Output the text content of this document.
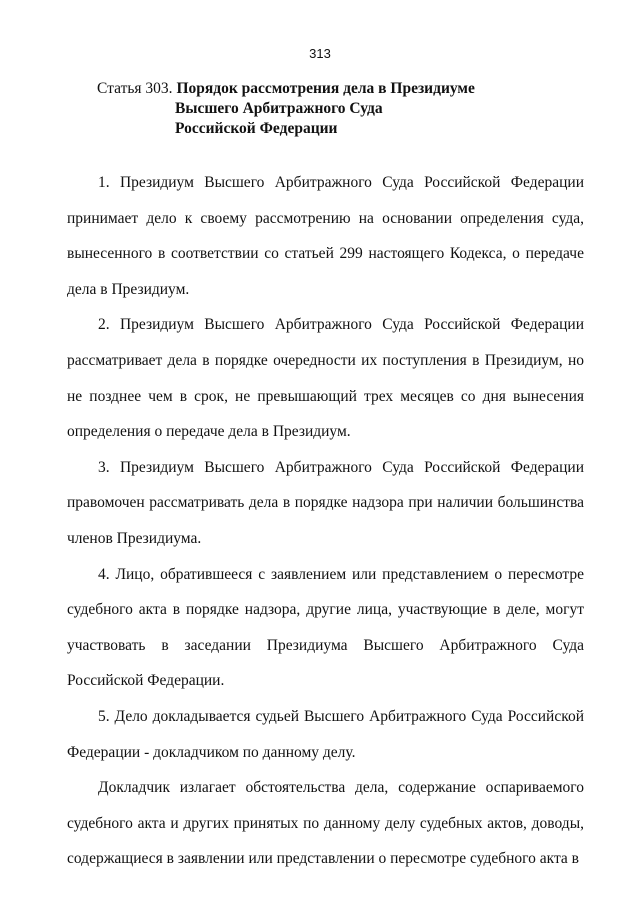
313
Статья 303. Порядок рассмотрения дела в Президиуме
Высшего Арбитражного Суда
Российской Федерации

1. Президиум Высшего Арбитражного Суда Российской Федерации принимает дело к своему рассмотрению на основании определения суда, вынесенного в соответствии со статьей 299 настоящего Кодекса, о передаче дела в Президиум.

2. Президиум Высшего Арбитражного Суда Российской Федерации рассматривает дела в порядке очередности их поступления в Президиум, но не позднее чем в срок, не превышающий трех месяцев со дня вынесения определения о передаче дела в Президиум.

3. Президиум Высшего Арбитражного Суда Российской Федерации правомочен рассматривать дела в порядке надзора при наличии большинства членов Президиума.

4. Лицо, обратившееся с заявлением или представлением о пересмотре судебного акта в порядке надзора, другие лица, участвующие в деле, могут участвовать в заседании Президиума Высшего Арбитражного Суда Российской Федерации.

5. Дело докладывается судьей Высшего Арбитражного Суда Российской Федерации - докладчиком по данному делу.

Докладчик излагает обстоятельства дела, содержание оспариваемого судебного акта и других принятых по данному делу судебных актов, доводы, содержащиеся в заявлении или представлении о пересмотре судебного акта в
